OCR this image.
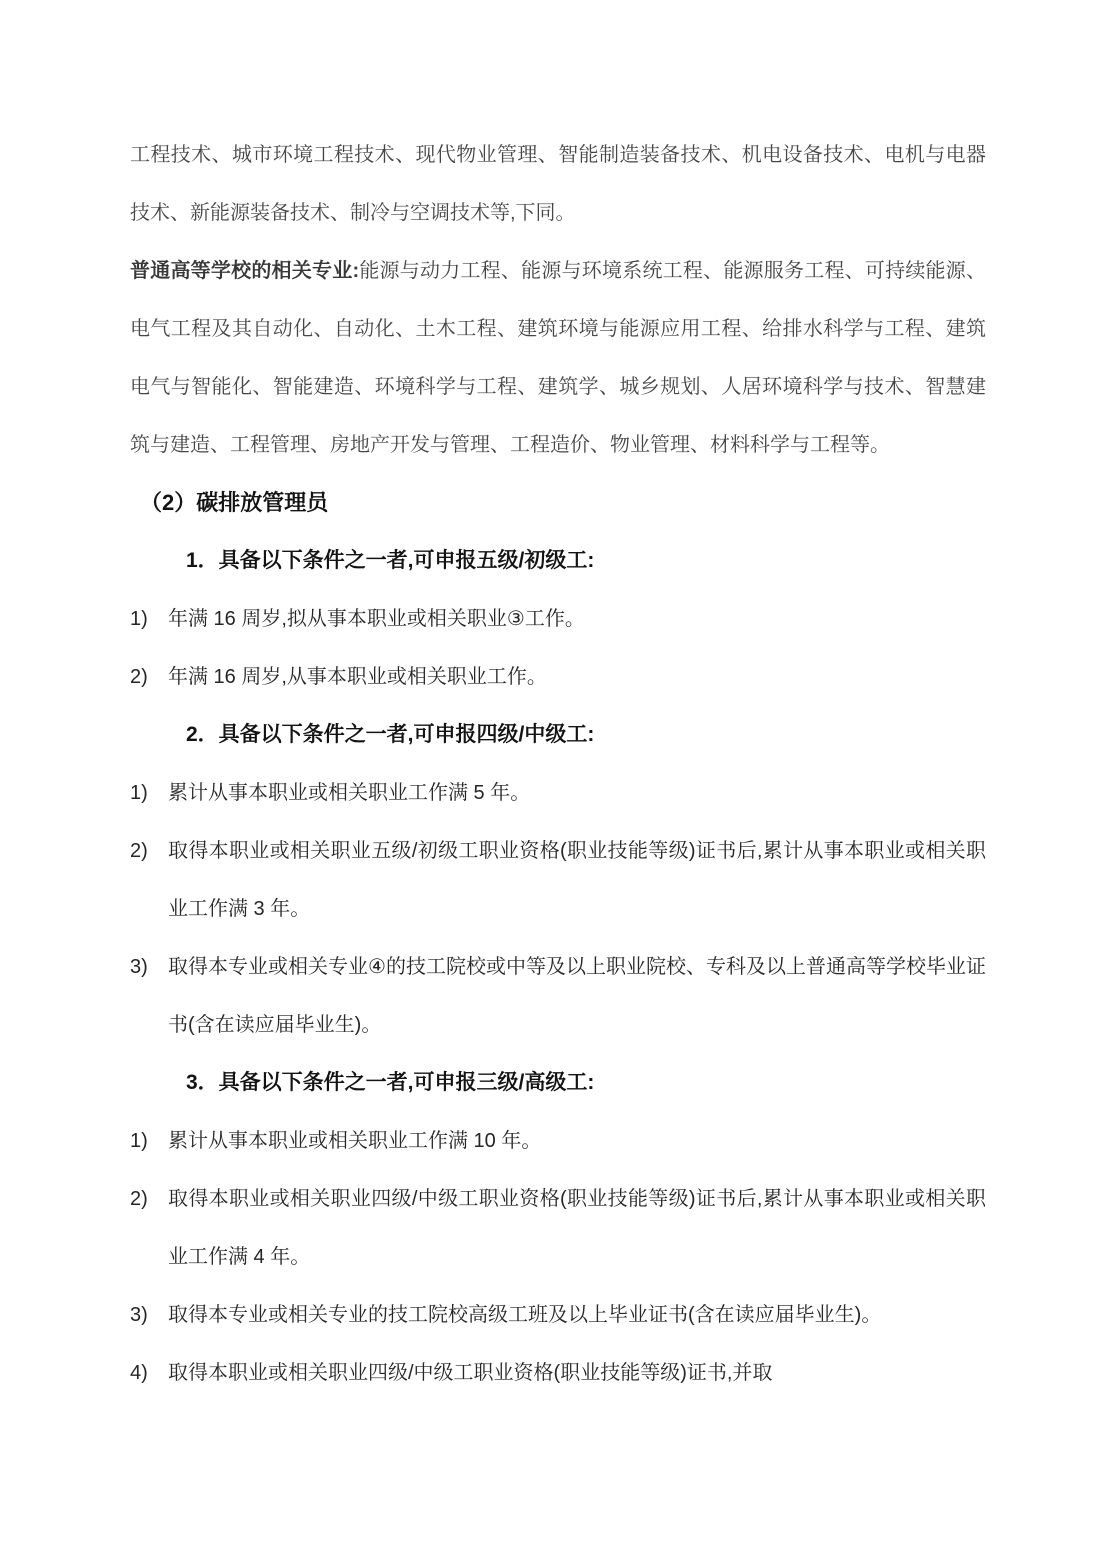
工程技术、城市环境工程技术、现代物业管理、智能制造装备技术、机电设备技术、电机与电器技术、新能源装备技术、制冷与空调技术等,下同。

普通高等学校的相关专业:能源与动力工程、能源与环境系统工程、能源服务工程、可持续能源、电气工程及其自动化、自动化、土木工程、建筑环境与能源应用工程、给排水科学与工程、建筑电气与智能化、智能建造、环境科学与工程、建筑学、城乡规划、人居环境科学与技术、智慧建筑与建造、工程管理、房地产开发与管理、工程造价、物业管理、材料科学与工程等。

（2）碳排放管理员
1．具备以下条件之一者,可申报五级/初级工:
1) 年满 16 周岁,拟从事本职业或相关职业③工作。
2) 年满 16 周岁,从事本职业或相关职业工作。
2．具备以下条件之一者,可申报四级/中级工:
1) 累计从事本职业或相关职业工作满 5 年。
2) 取得本职业或相关职业五级/初级工职业资格(职业技能等级)证书后,累计从事本职业或相关职业工作满 3 年。
3) 取得本专业或相关专业④的技工院校或中等及以上职业院校、专科及以上普通高等学校毕业证书(含在读应届毕业生)。
3．具备以下条件之一者,可申报三级/高级工:
1) 累计从事本职业或相关职业工作满 10 年。
2) 取得本职业或相关职业四级/中级工职业资格(职业技能等级)证书后,累计从事本职业或相关职业工作满 4 年。
3) 取得本专业或相关专业的技工院校高级工班及以上毕业证书(含在读应届毕业生)。
4) 取得本职业或相关职业四级/中级工职业资格(职业技能等级)证书,并取
